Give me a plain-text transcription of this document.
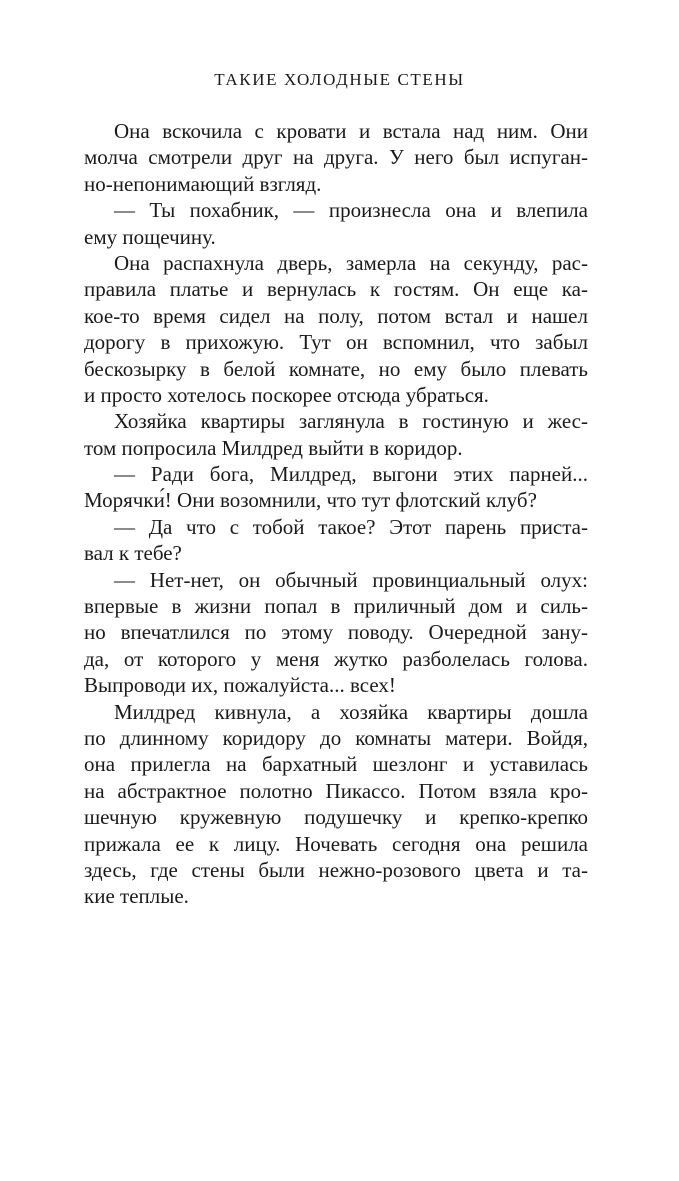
ТАКИЕ ХОЛОДНЫЕ СТЕНЫ
Она вскочила с кровати и встала над ним. Они
молча смотрели друг на друга. У него был испуган-
но-непонимающий взгляд.
— Ты похабник, — произнесла она и влепила
ему пощечину.
Она распахнула дверь, замерла на секунду, рас-
правила платье и вернулась к гостям. Он еще ка-
кое-то время сидел на полу, потом встал и нашел
дорогу в прихожую. Тут он вспомнил, что забыл
бескозырку в белой комнате, но ему было плевать
и просто хотелось поскорее отсюда убраться.
Хозяйка квартиры заглянула в гостиную и жес-
том попросила Милдред выйти в коридор.
— Ради бога, Милдред, выгони этих парней...
Морячки́! Они возомнили, что тут флотский клуб?
— Да что с тобой такое? Этот парень приста-
вал к тебе?
— Нет-нет, он обычный провинциальный олух:
впервые в жизни попал в приличный дом и силь-
но впечатлился по этому поводу. Очередной зану-
да, от которого у меня жутко разболелась голова.
Выпроводи их, пожалуйста... всех!
Милдред кивнула, а хозяйка квартиры дошла
по длинному коридору до комнаты матери. Войдя,
она прилегла на бархатный шезлонг и уставилась
на абстрактное полотно Пикассо. Потом взяла кро-
шечную кружевную подушечку и крепко-крепко
прижала ее к лицу. Ночевать сегодня она решила
здесь, где стены были нежно-розового цвета и та-
кие теплые.
